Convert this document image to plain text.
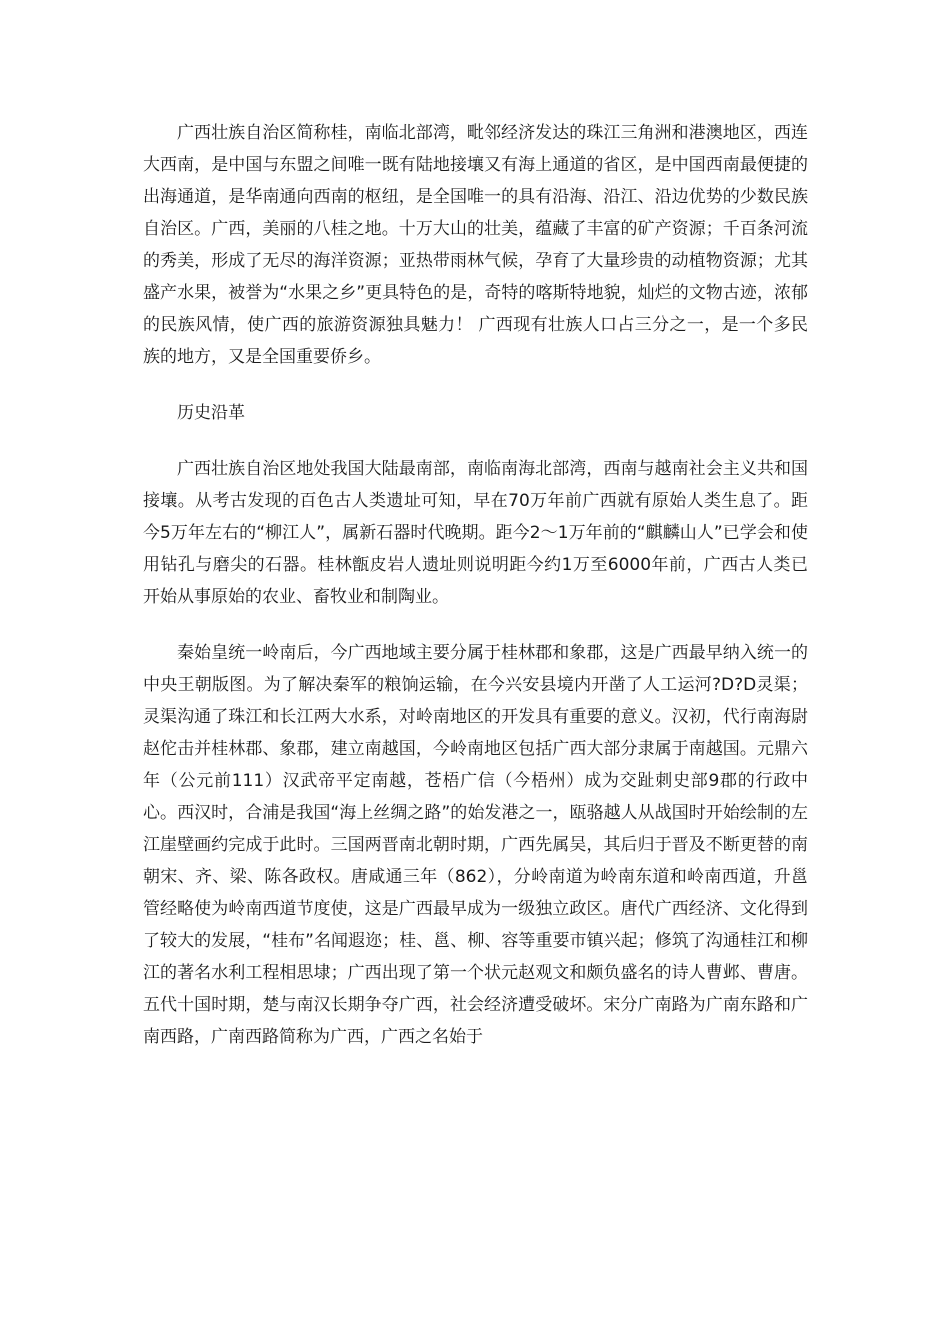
广西壮族自治区简称桂，南临北部湾，毗邻经济发达的珠江三角洲和港澳地区，西连大西南，是中国与东盟之间唯一既有陆地接壤又有海上通道的省区，是中国西南最便捷的出海通道，是华南通向西南的枢纽，是全国唯一的具有沿海、沿江、沿边优势的少数民族自治区。广西，美丽的八桂之地。十万大山的壮美，蕴藏了丰富的矿产资源；千百条河流的秀美，形成了无尽的海洋资源；亚热带雨林气候，孕育了大量珍贵的动植物资源；尤其盛产水果，被誉为“水果之乡”更具特色的是，奇特的喀斯特地貌，灿烂的文物古迹，浓郁的民族风情，使广西的旅游资源独具魅力！ 广西现有壮族人口占三分之一，是一个多民族的地方，又是全国重要侨乡。

历史沿革

广西壮族自治区地处我国大陆最南部，南临南海北部湾，西南与越南社会主义共和国接壤。从考古发现的百色古人类遗址可知，早在70万年前广西就有原始人类生息了。距今5万年左右的“柳江人”，属新石器时代晚期。距今2～1万年前的“麒麟山人”已学会和使用钻孔与磨尖的石器。桂林甑皮岩人遗址则说明距今约1万至6000年前，广西古人类已开始从事原始的农业、畜牧业和制陶业。

秦始皇统一岭南后，今广西地域主要分属于桂林郡和象郡，这是广西最早纳入统一的中央王朝版图。为了解决秦军的粮饷运输，在今兴安县境内开凿了人工运河?D?D灵渠；灵渠沟通了珠江和长江两大水系，对岭南地区的开发具有重要的意义。汉初，代行南海尉赵佗击并桂林郡、象郡，建立南越国，今岭南地区包括广西大部分隶属于南越国。元鼎六年（公元前111）汉武帝平定南越，苍梧广信（今梧州）成为交趾刺史部9郡的行政中心。西汉时，合浦是我国“海上丝绸之路”的始发港之一，瓯骆越人从战国时开始绘制的左江崖壁画约完成于此时。三国两晋南北朝时期，广西先属吴，其后归于晋及不断更替的南朝宋、齐、梁、陈各政权。唐咸通三年（862），分岭南道为岭南东道和岭南西道，升邕管经略使为岭南西道节度使，这是广西最早成为一级独立政区。唐代广西经济、文化得到了较大的发展，“桂布”名闻遐迩；桂、邕、柳、容等重要市镇兴起；修筑了沟通桂江和柳江的著名水利工程相思埭；广西出现了第一个状元赵观文和颇负盛名的诗人曹邺、曹唐。五代十国时期，楚与南汉长期争夺广西，社会经济遭受破坏。宋分广南路为广南东路和广南西路，广南西路简称为广西，广西之名始于
